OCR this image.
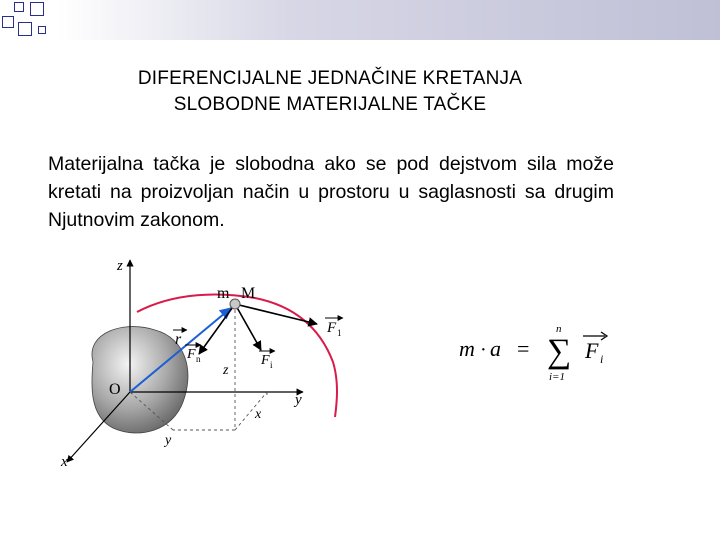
DIFERENCIJALNE JEDNAČINE KRETANJA
SLOBODNE MATERIJALNE TAČKE
Materijalna tačka je slobodna ako se pod dejstvom sila može kretati na proizvoljan način u prostoru u saglasnosti sa drugim Njutnovim zakonom.
z
y
x
O
m M
r
F 1
F n	F i
z
x
y
m · a =
n
∑
i=1
F i
